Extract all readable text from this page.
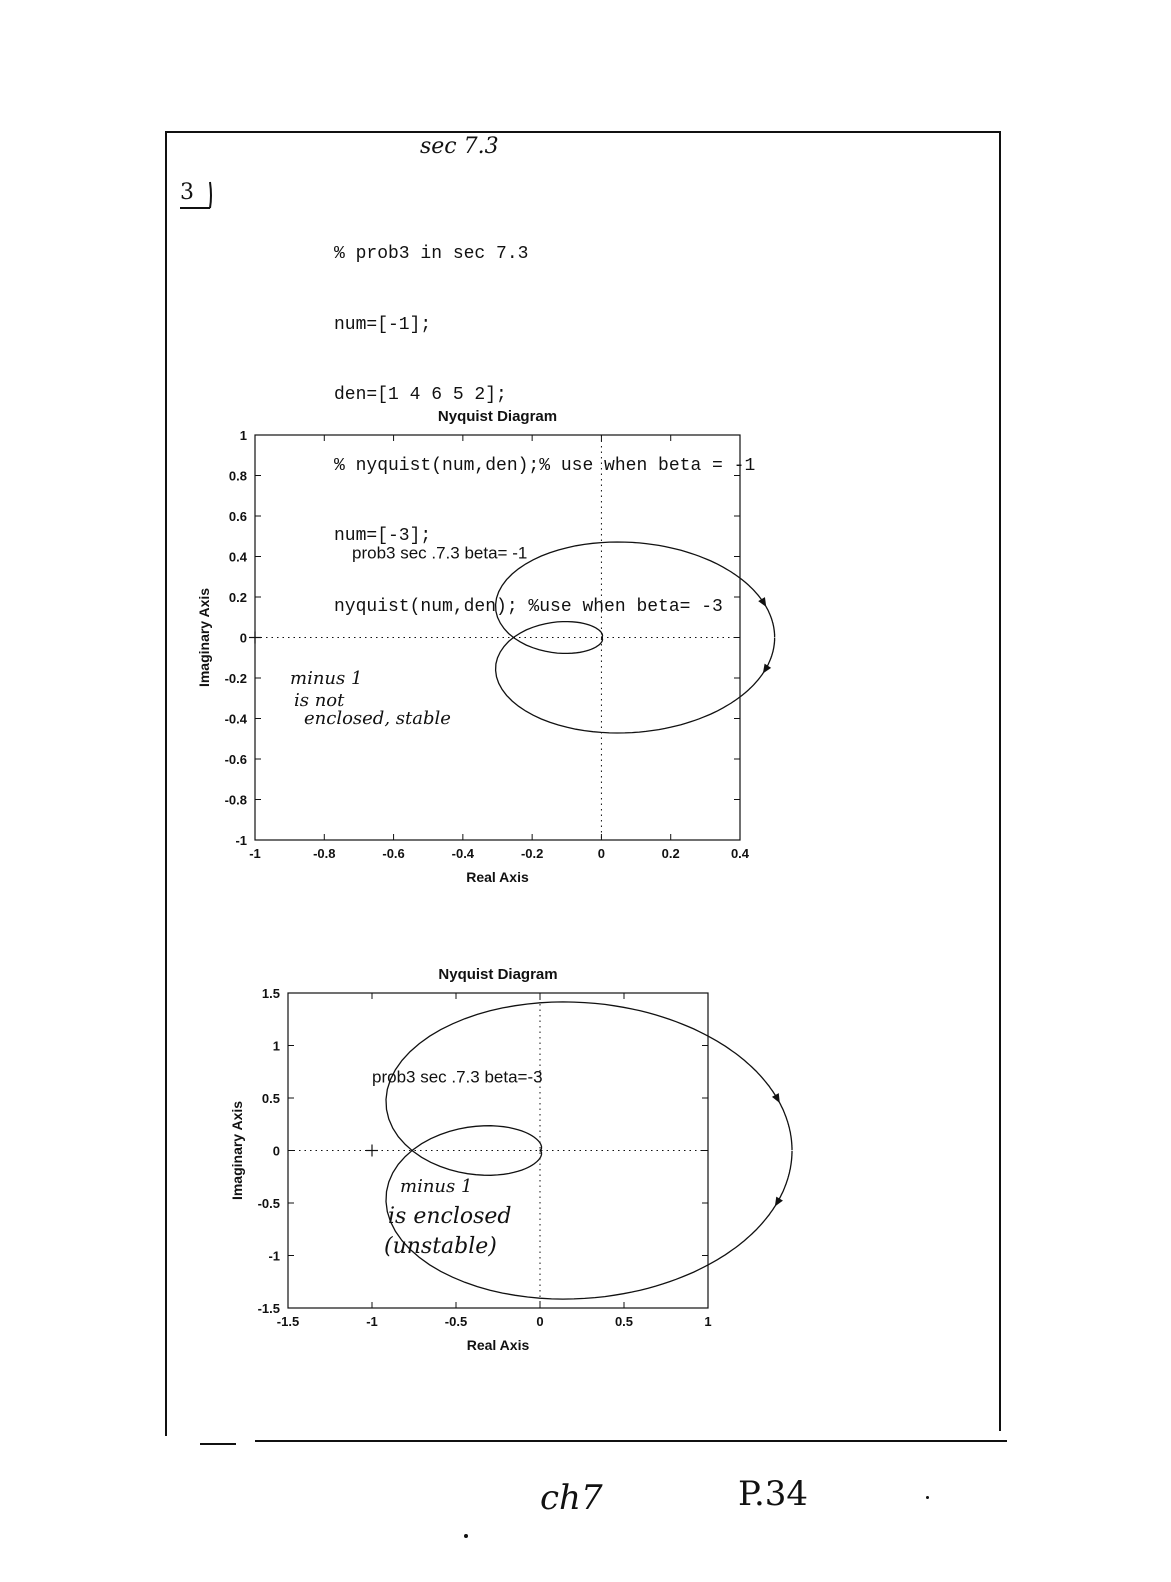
sec 7.3
3

% prob3 in sec 7.3

num=[-1];

den=[1 4 6 5 2];

% nyquist(num,den);% use when beta = -1

num=[-3];

nyquist(num,den); %use when beta= -3

Nyquist Diagram
-1	-0.8	-0.6	-0.4	-0.2	0	0.2	0.4
1
0.8
0.6
0.4
0.2
0
-0.2
-0.4
-0.6
-0.8
-1
Real Axis
Imaginary Axis
prob3 sec .7.3 beta= -1
Nyquist Diagram
-1.5	-1	-0.5	0	0.5	1
1.5
1
0.5
0
-0.5
-1
-1.5
Real Axis
Imaginary Axis
prob3 sec .7.3 beta=-3
minus 1
is not
enclosed, stable
minus 1
is enclosed
(unstable)
ch7	P.34
